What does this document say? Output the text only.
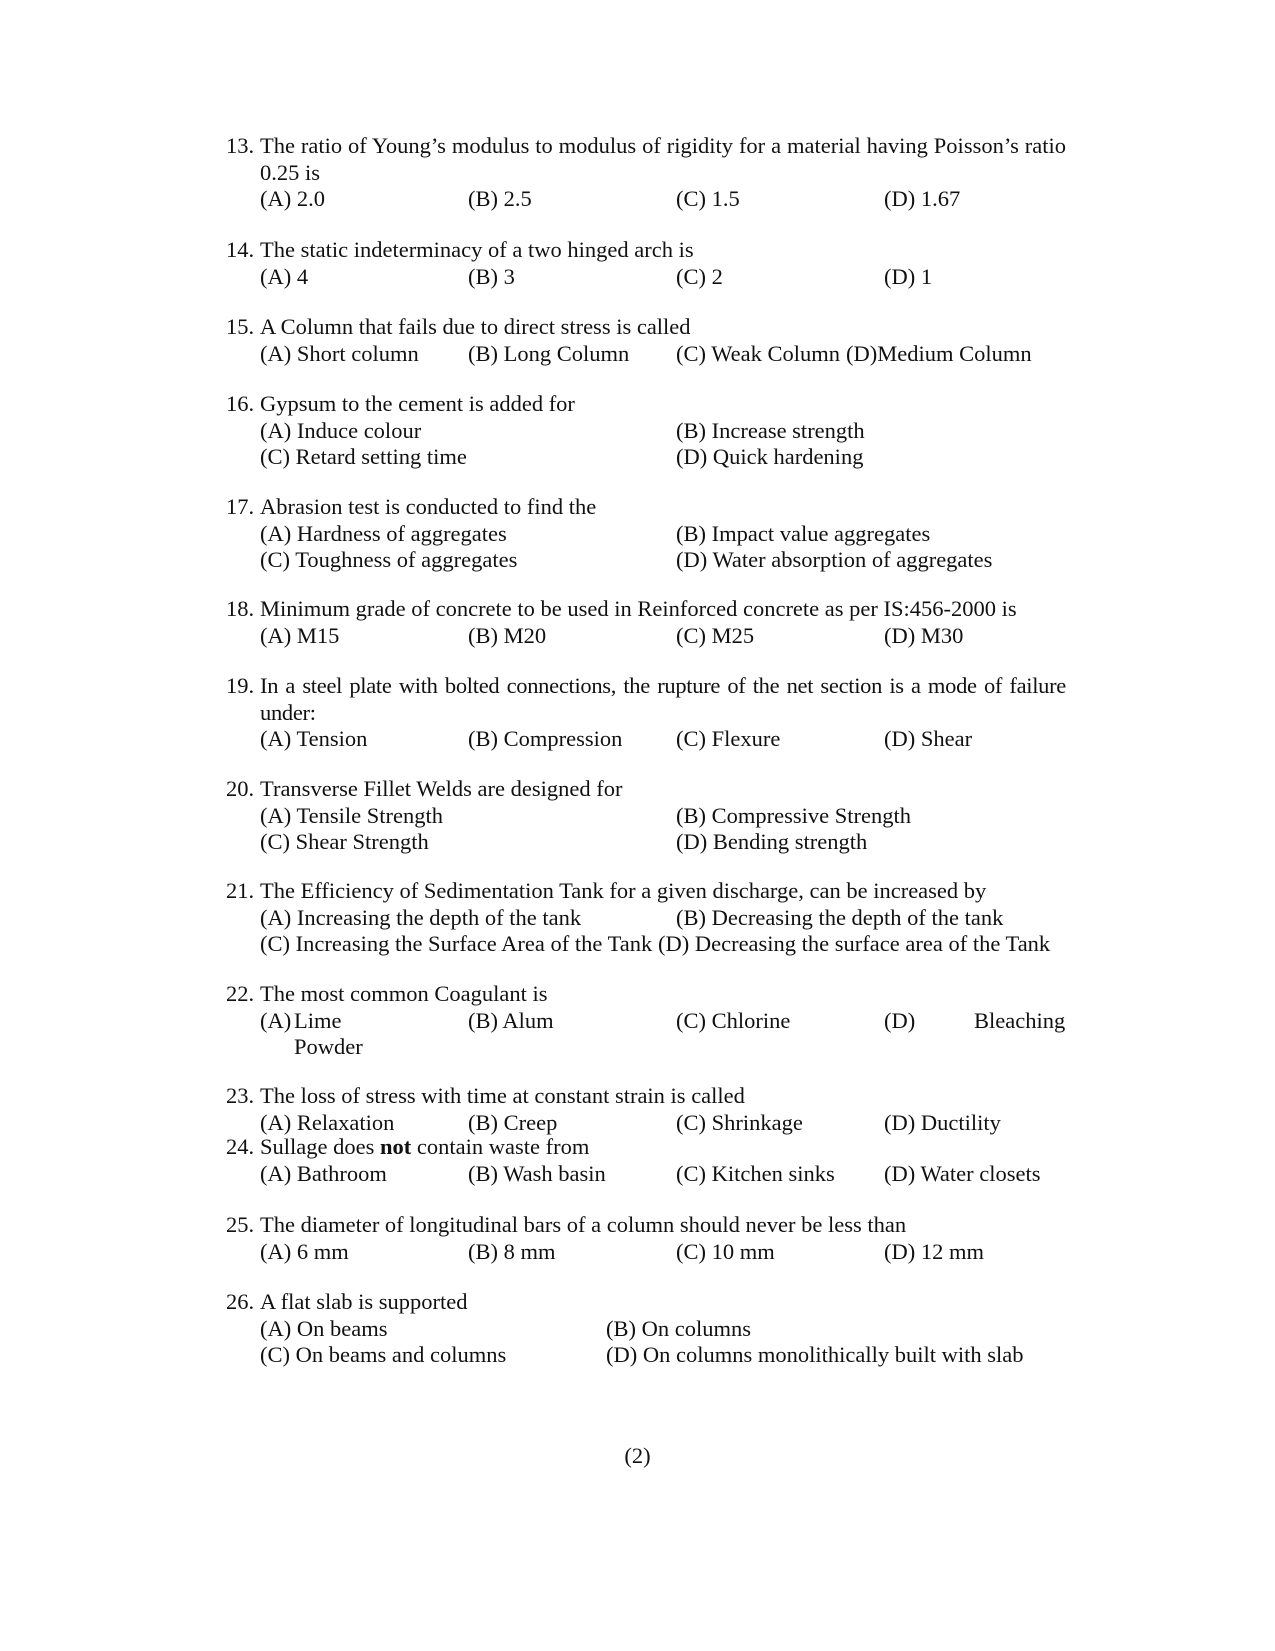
13. The ratio of Young’s modulus to modulus of rigidity for a material having Poisson’s ratio 0.25 is
(A) 2.0	(B) 2.5	(C) 1.5	(D) 1.67
14. The static indeterminacy of a two hinged arch is
(A) 4	(B) 3	(C) 2	(D) 1
15. A Column that fails due to direct stress is called
(A) Short column (B) Long Column (C) Weak Column (D)Medium Column
16. Gypsum to the cement is added for
(A) Induce colour	(B) Increase strength
(C) Retard setting time	(D) Quick hardening
17. Abrasion test is conducted to find the
(A) Hardness of aggregates	(B) Impact value aggregates
(C) Toughness of aggregates	(D) Water absorption of aggregates
18. Minimum grade of concrete to be used in Reinforced concrete as per IS:456-2000 is
(A) M15	(B) M20	(C) M25	(D) M30
19. In a steel plate with bolted connections, the rupture of the net section is a mode of failure under:
(A) Tension	(B) Compression (C) Flexure	(D) Shear
20. Transverse Fillet Welds are designed for
(A) Tensile Strength	(B) Compressive Strength
(C) Shear Strength	(D) Bending strength
21. The Efficiency of Sedimentation Tank for a given discharge, can be increased by
(A) Increasing the depth of the tank	(B) Decreasing the depth of the tank
(C) Increasing the Surface Area of the Tank (D) Decreasing the surface area of the Tank
22. The most common Coagulant is
(A) Lime	(B) Alum	(C) Chlorine	(D)	Bleaching
Powder
23. The loss of stress with time at constant strain is called
(A) Relaxation	(B) Creep	(C) Shrinkage	(D) Ductility
24. Sullage does not contain waste from
(A) Bathroom	(B) Wash basin	(C) Kitchen sinks (D) Water closets
25. The diameter of longitudinal bars of a column should never be less than
(A) 6 mm	(B) 8 mm	(C) 10 mm	(D) 12 mm
26. A flat slab is supported
(A) On beams	(B) On columns
(C) On beams and columns	(D) On columns monolithically built with slab
(2)
